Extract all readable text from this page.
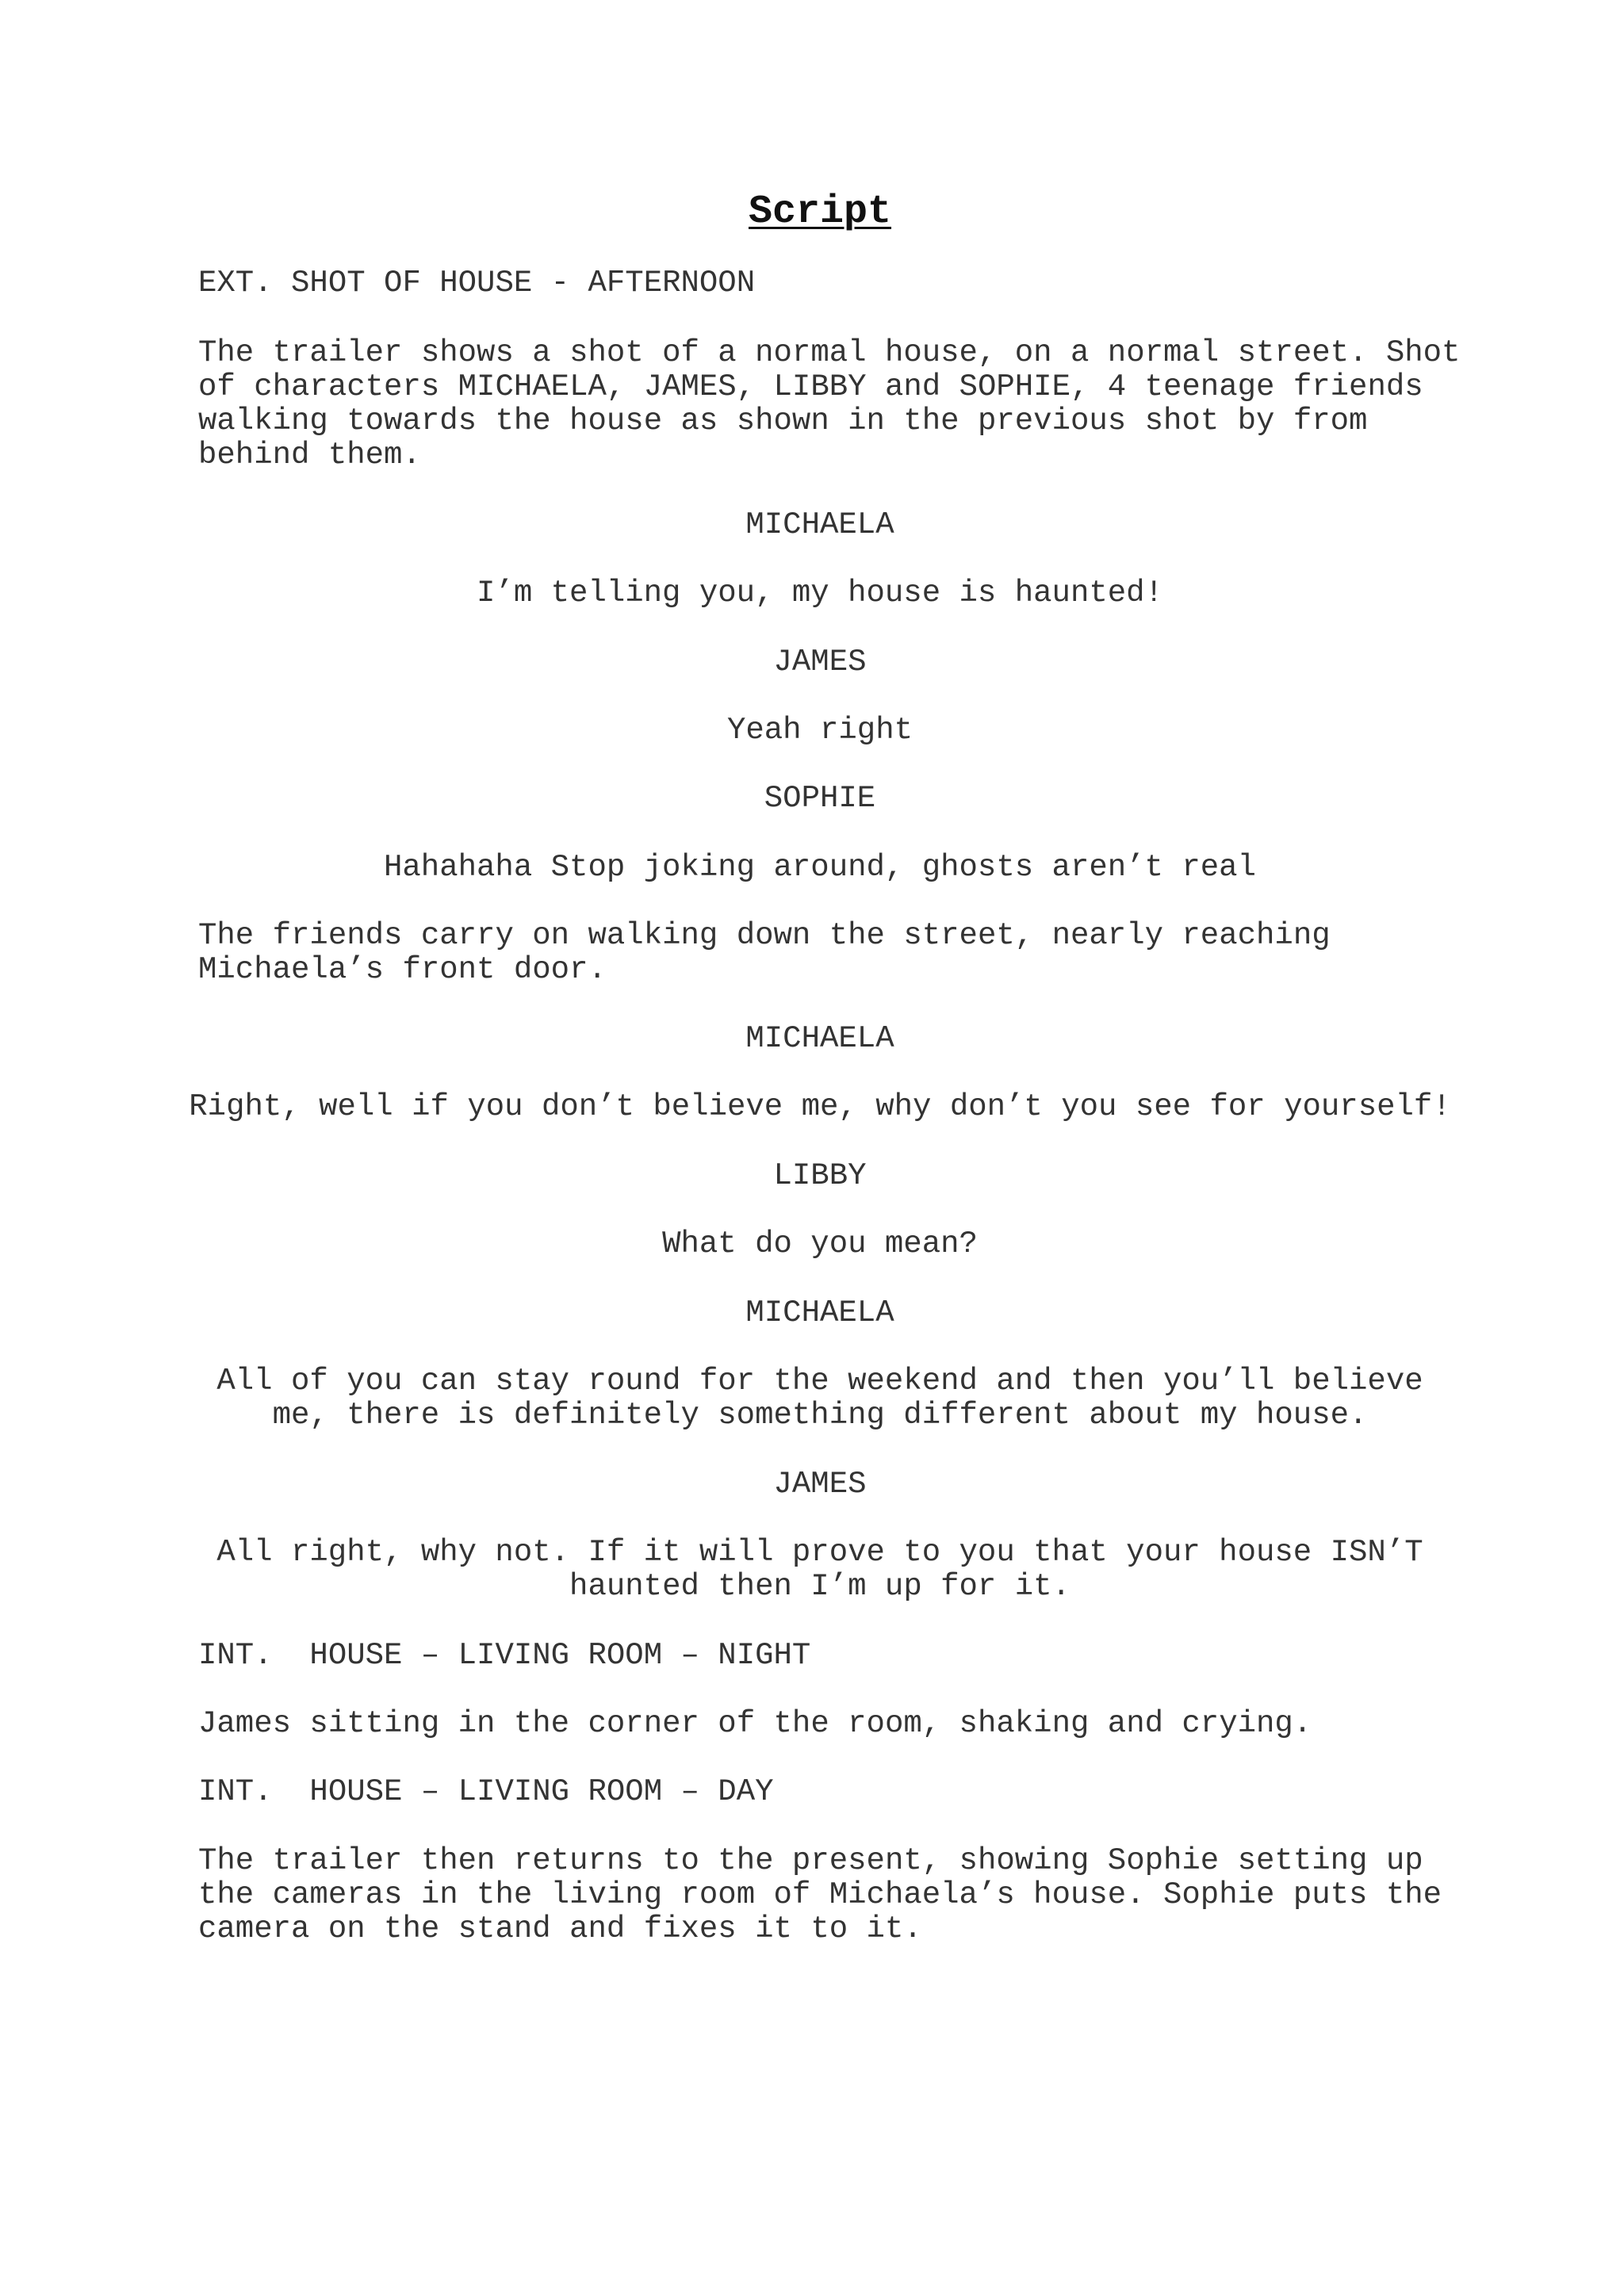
Script

EXT. SHOT OF HOUSE - AFTERNOON

The trailer shows a shot of a normal house, on a normal street. Shot
of characters MICHAELA, JAMES, LIBBY and SOPHIE, 4 teenage friends
walking towards the house as shown in the previous shot by from
behind them.

MICHAELA

I’m telling you, my house is haunted!

JAMES

Yeah right

SOPHIE

Hahahaha Stop joking around, ghosts aren’t real

The friends carry on walking down the street, nearly reaching
Michaela’s front door.

MICHAELA

Right, well if you don’t believe me, why don’t you see for yourself!

LIBBY

What do you mean?

MICHAELA

All of you can stay round for the weekend and then you’ll believe

me, there is definitely something different about my house.

JAMES

All right, why not. If it will prove to you that your house ISN’T

haunted then I’m up for it.

INT.  HOUSE – LIVING ROOM – NIGHT

James sitting in the corner of the room, shaking and crying.

INT.  HOUSE – LIVING ROOM – DAY

The trailer then returns to the present, showing Sophie setting up
the cameras in the living room of Michaela’s house. Sophie puts the
camera on the stand and fixes it to it.
